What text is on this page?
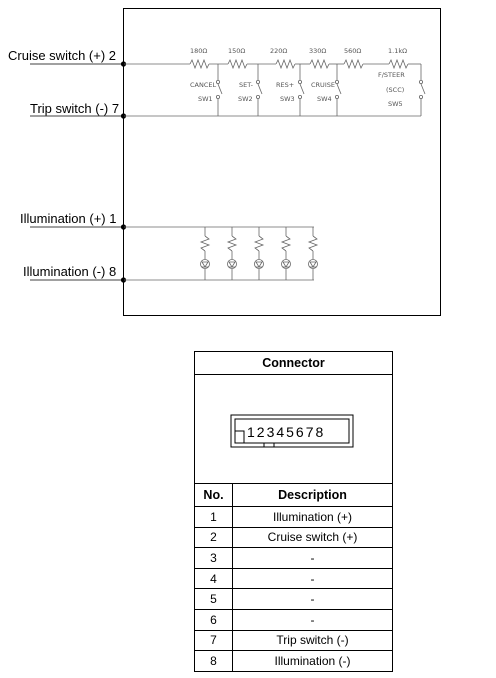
Cruise switch (+) 2
Trip switch (-) 7
Illumination (+) 1
Illumination (-) 8
180Ω	150Ω	220Ω	330Ω	560Ω	1.1kΩ
CANCEL
SW1
SET-
SW2
RES+
SW3
CRUISE
SW4
F/STEER
(SCC)
SW5
Connector	

12345678	

No.	Description
1	Illumination (+)
2	Cruise switch (+)
3	-
4	-
5	-
6	-
7	Trip switch (-)
8	Illumination (-)
